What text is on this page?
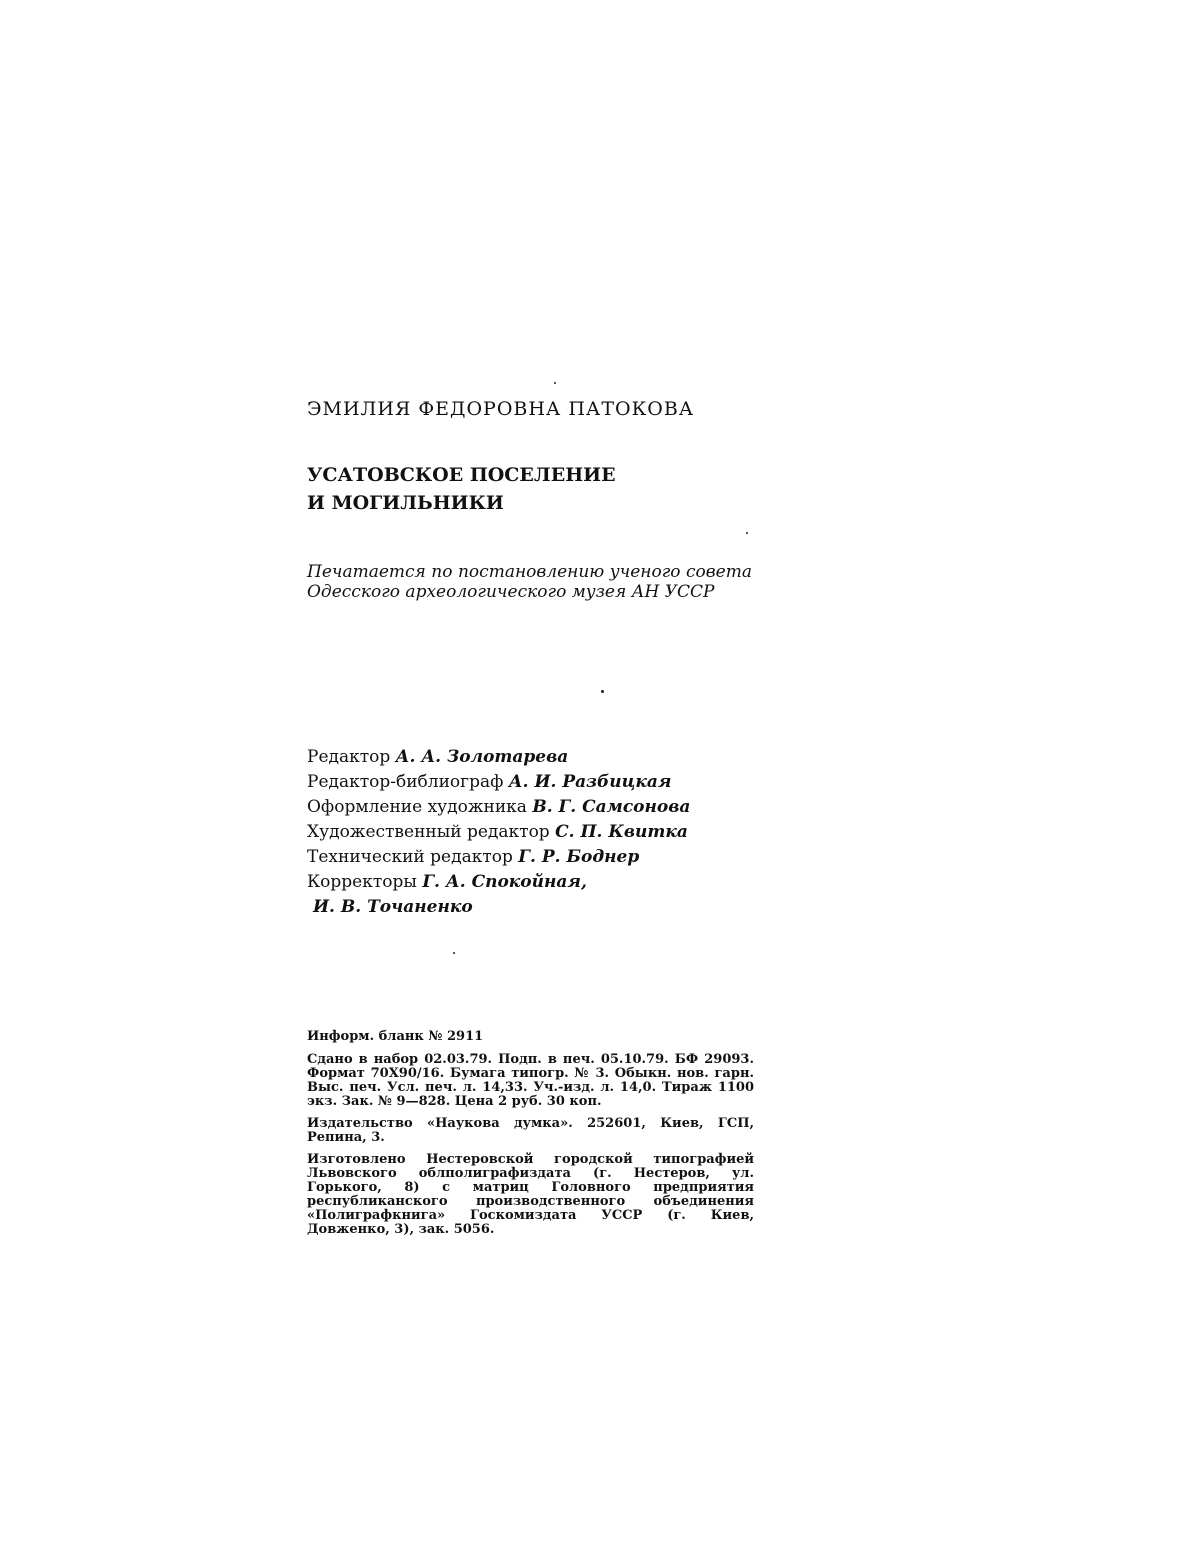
ЭМИЛИЯ ФЕДОРОВНА ПАТОКОВА
УСАТОВСКОЕ ПОСЕЛЕНИЕ
И МОГИЛЬНИКИ
Печатается по постановлению ученого совета Одесского археологического музея АН УССР
Редактор А. А. Золотарева
Редактор-библиограф А. И. Разбицкая
Оформление художника В. Г. Самсонова
Художественный редактор С. П. Квитка
Технический редактор Г. Р. Боднер
Корректоры Г. А. Спокойная,
И. В. Точаненко

Информ. бланк № 2911

Сдано в набор 02.03.79. Подп. в печ. 05.10.79. БФ 29093. Формат 70Х90/16. Бумага типогр. № 3. Обыкн. нов. гарн. Выс. печ. Усл. печ. л. 14,33. Уч.-изд. л. 14,0. Тираж 1100 экз. Зак. № 9—828. Цена 2 руб. 30 коп.

Издательство «Наукова думка». 252601, Киев, ГСП, Репина, 3.

Изготовлено Нестеровской городской типографией Львовского облполиграфиздата (г. Нестеров, ул. Горького, 8) с матриц Головного предприятия республиканского производственного объединения «Полиграфкнига» Госкомиздата УССР (г. Киев, Довженко, 3), зак. 5056.
